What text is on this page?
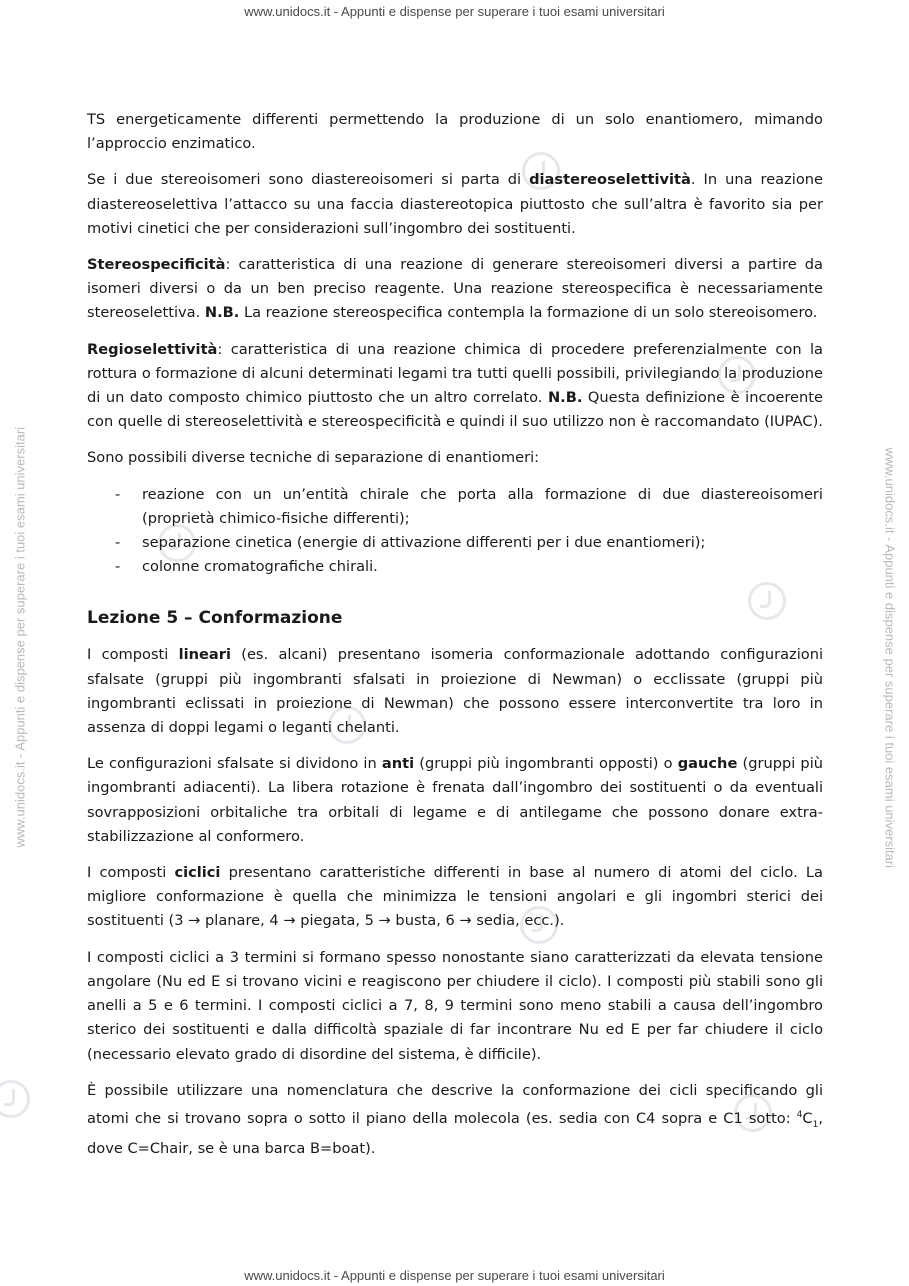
www.unidocs.it - Appunti e dispense per superare i tuoi esami universitari
www.unidocs.it - Appunti e dispense per superare i tuoi esami universitari
www.unidocs.it - Appunti e dispense per superare i tuoi esami universitari	www.unidocs.it - Appunti e dispense per superare i tuoi esami universitari

TS energeticamente differenti permettendo la produzione di un solo enantiomero, mimando l’approccio enzimatico.

Se i due stereoisomeri sono diastereoisomeri si parta di diastereoselettività. In una reazione diastereoselettiva l’attacco su una faccia diastereotopica piuttosto che sull’altra è favorito sia per motivi cinetici che per considerazioni sull’ingombro dei sostituenti.

Stereospecificità: caratteristica di una reazione di generare stereoisomeri diversi a partire da isomeri diversi o da un ben preciso reagente. Una reazione stereospecifica è necessariamente stereoselettiva. N.B. La reazione stereospecifica contempla la formazione di un solo stereoisomero.

Regioselettività: caratteristica di una reazione chimica di procedere preferenzialmente con la rottura o formazione di alcuni determinati legami tra tutti quelli possibili, privilegiando la produzione di un dato composto chimico piuttosto che un altro correlato. N.B. Questa definizione è incoerente con quelle di stereoselettività e stereospecificità e quindi il suo utilizzo non è raccomandato (IUPAC).

Sono possibili diverse tecniche di separazione di enantiomeri:

- reazione con un un’entità chirale che porta alla formazione di due diastereoisomeri (proprietà chimico-fisiche differenti);
- separazione cinetica (energie di attivazione differenti per i due enantiomeri);
- colonne cromatografiche chirali.
Lezione 5 – Conformazione

I composti lineari (es. alcani) presentano isomeria conformazionale adottando configurazioni sfalsate (gruppi più ingombranti sfalsati in proiezione di Newman) o ecclissate (gruppi più ingombranti eclissati in proiezione di Newman) che possono essere interconvertite tra loro in assenza di doppi legami o leganti chelanti.

Le configurazioni sfalsate si dividono in anti (gruppi più ingombranti opposti) o gauche (gruppi più ingombranti adiacenti). La libera rotazione è frenata dall’ingombro dei sostituenti o da eventuali sovrapposizioni orbitaliche tra orbitali di legame e di antilegame che possono donare extra-stabilizzazione al conformero.

I composti ciclici presentano caratteristiche differenti in base al numero di atomi del ciclo. La migliore conformazione è quella che minimizza le tensioni angolari e gli ingombri sterici dei sostituenti (3 → planare, 4 → piegata, 5 → busta, 6 → sedia, ecc.).

I composti ciclici a 3 termini si formano spesso nonostante siano caratterizzati da elevata tensione angolare (Nu ed E si trovano vicini e reagiscono per chiudere il ciclo). I composti più stabili sono gli anelli a 5 e 6 termini. I composti ciclici a 7, 8, 9 termini sono meno stabili a causa dell’ingombro sterico dei sostituenti e dalla difficoltà spaziale di far incontrare Nu ed E per far chiudere il ciclo (necessario elevato grado di disordine del sistema, è difficile).

È possibile utilizzare una nomenclatura che descrive la conformazione dei cicli specificando gli atomi che si trovano sopra o sotto il piano della molecola (es. sedia con C4 sopra e C1 sotto: $^4C_1$, dove C=Chair, se è una barca B=boat).
